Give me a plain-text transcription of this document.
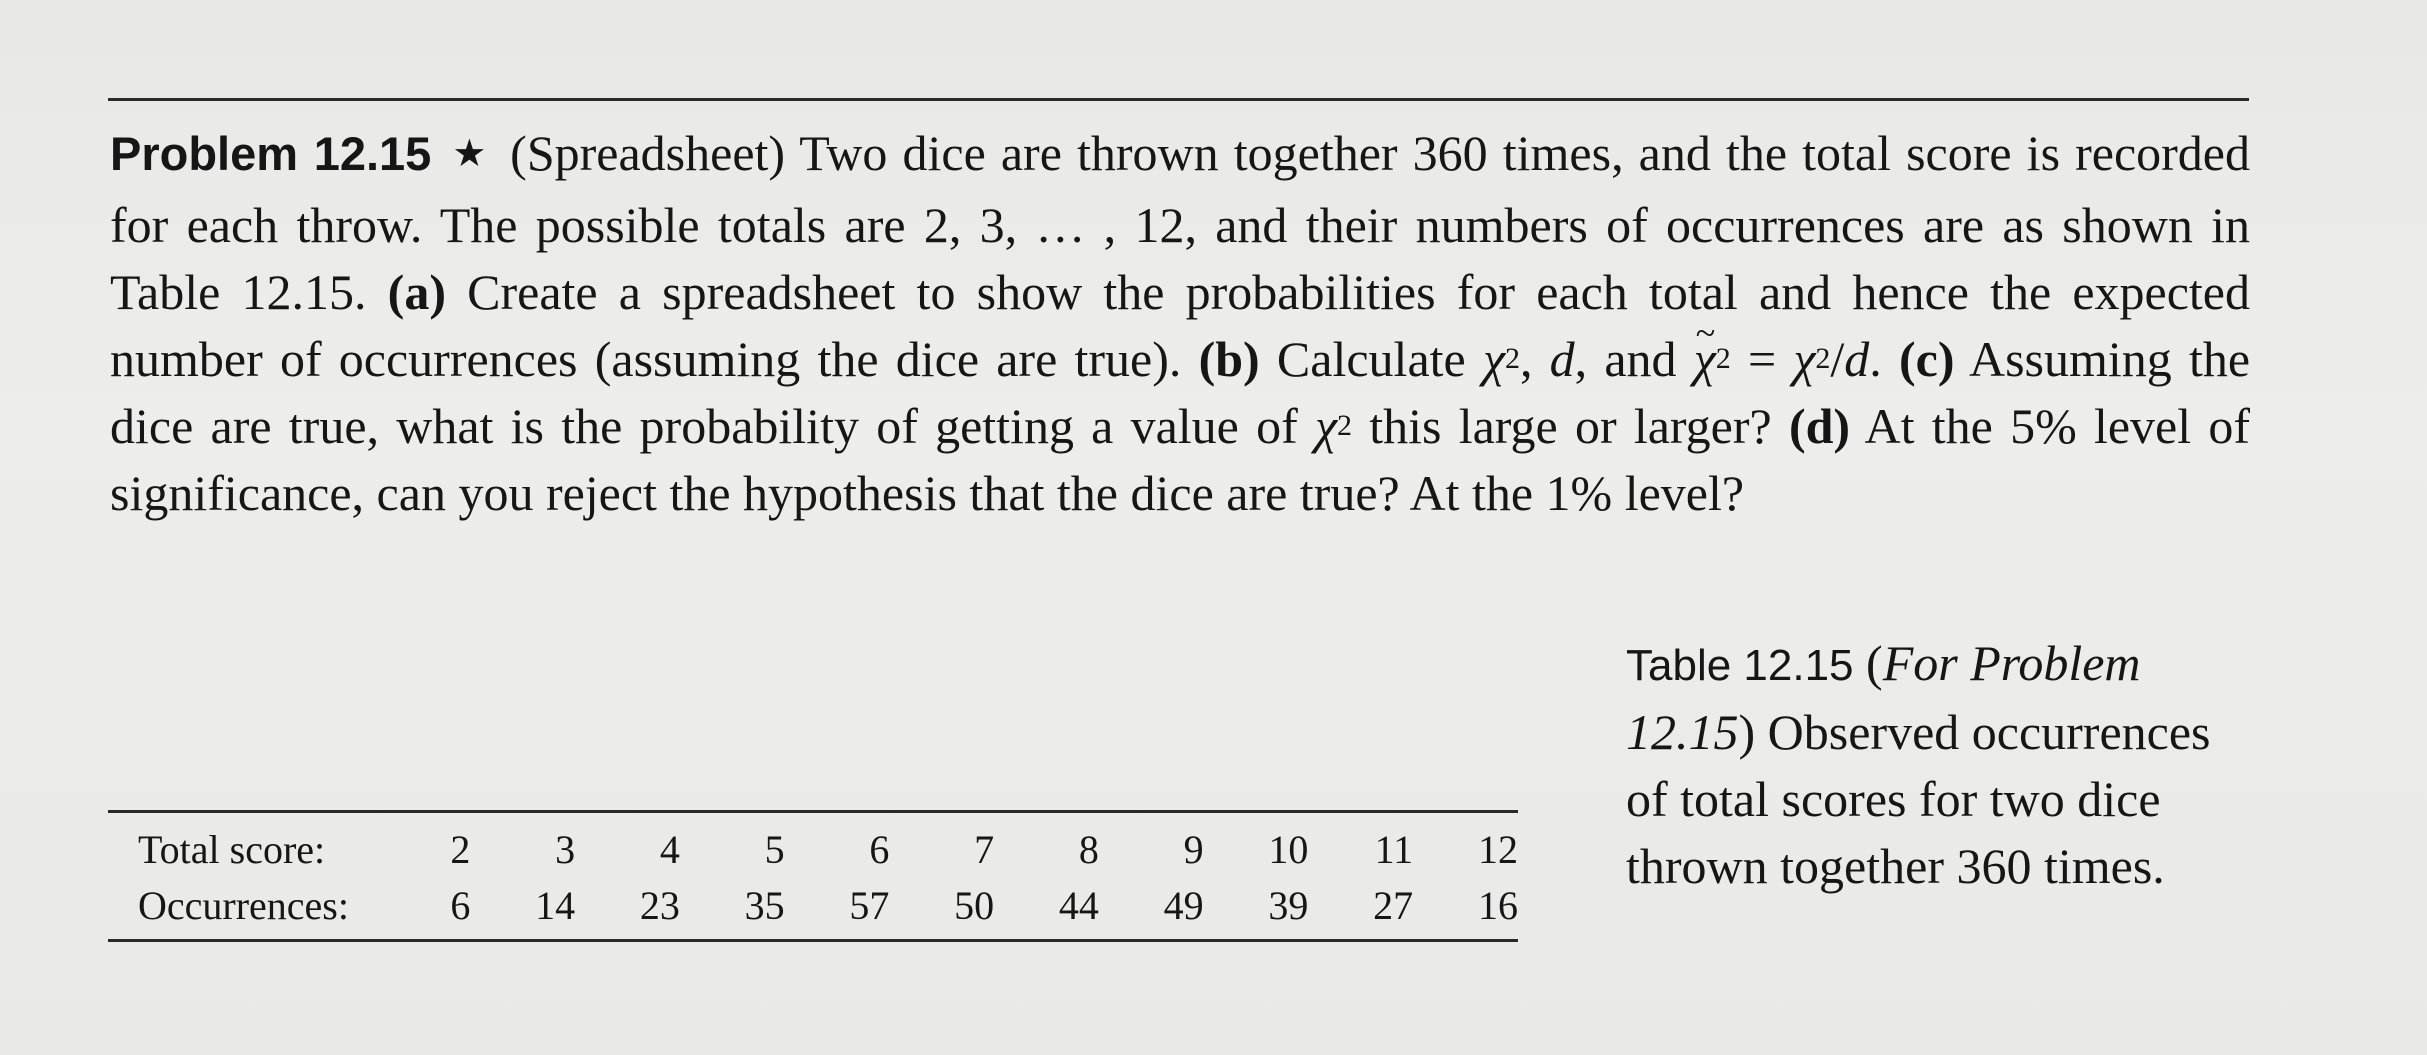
Problem 12.15 ★ (Spreadsheet) Two dice are thrown together 360 times, and the total score is recorded for each throw. The possible totals are 2, 3, … , 12, and their numbers of occurrences are as shown in Table 12.15. (a) Create a spreadsheet to show the probabilities for each total and hence the expected number of occurrences (assuming the dice are true). (b) Calculate $\chi^2$, d, and ~ $\chi^2 = \chi^2/d$. (c) Assuming the dice are true, what is the probability of getting a value of $\chi^2$ this large or larger? (d) At the 5% level of significance, can you reject the hypothesis that the dice are true? At the 1% level?

Total score:	2	3	4	5	6	7	8	9	10	11	12
Occurrences:	6	14	23	35	57	50	44	49	39	27	16

Table 12.15 (For Problem 12.15) Observed occurrences of total scores for two dice thrown together 360 times.
